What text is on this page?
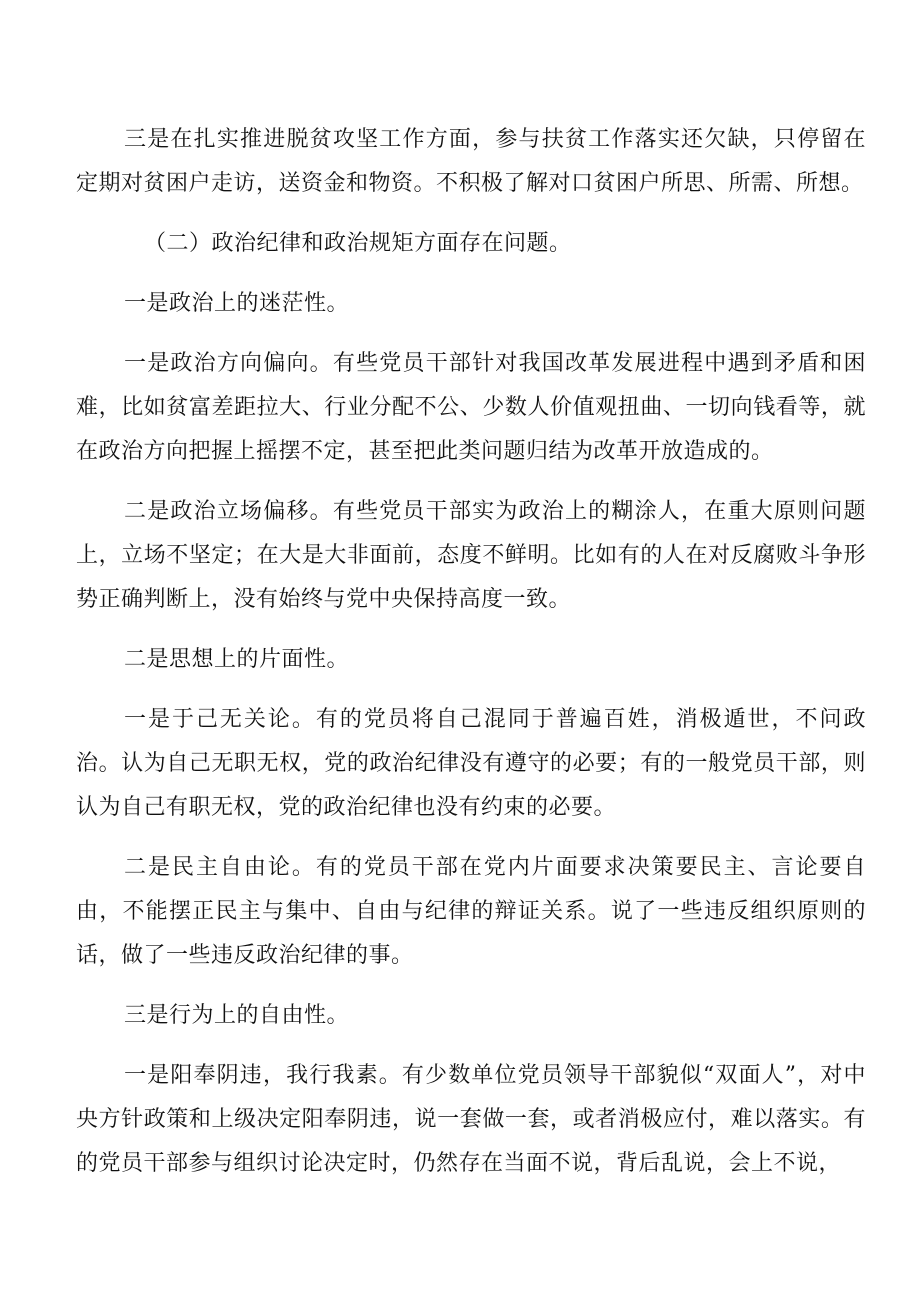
三是在扎实推进脱贫攻坚工作方面，参与扶贫工作落实还欠缺，只停留在定期对贫困户走访，送资金和物资。不积极了解对口贫困户所思、所需、所想。

（二）政治纪律和政治规矩方面存在问题。

一是政治上的迷茫性。

一是政治方向偏向。有些党员干部针对我国改革发展进程中遇到矛盾和困难，比如贫富差距拉大、行业分配不公、少数人价值观扭曲、一切向钱看等，就在政治方向把握上摇摆不定，甚至把此类问题归结为改革开放造成的。

二是政治立场偏移。有些党员干部实为政治上的糊涂人，在重大原则问题上，立场不坚定；在大是大非面前，态度不鲜明。比如有的人在对反腐败斗争形势正确判断上，没有始终与党中央保持高度一致。

二是思想上的片面性。

一是于己无关论。有的党员将自己混同于普遍百姓，消极遁世，不问政治。认为自己无职无权，党的政治纪律没有遵守的必要；有的一般党员干部，则认为自己有职无权，党的政治纪律也没有约束的必要。

二是民主自由论。有的党员干部在党内片面要求决策要民主、言论要自由，不能摆正民主与集中、自由与纪律的辩证关系。说了一些违反组织原则的话，做了一些违反政治纪律的事。

三是行为上的自由性。

一是阳奉阴违，我行我素。有少数单位党员领导干部貌似“双面人”，对中央方针政策和上级决定阳奉阴违，说一套做一套，或者消极应付，难以落实。有的党员干部参与组织讨论决定时，仍然存在当面不说，背后乱说，会上不说，
